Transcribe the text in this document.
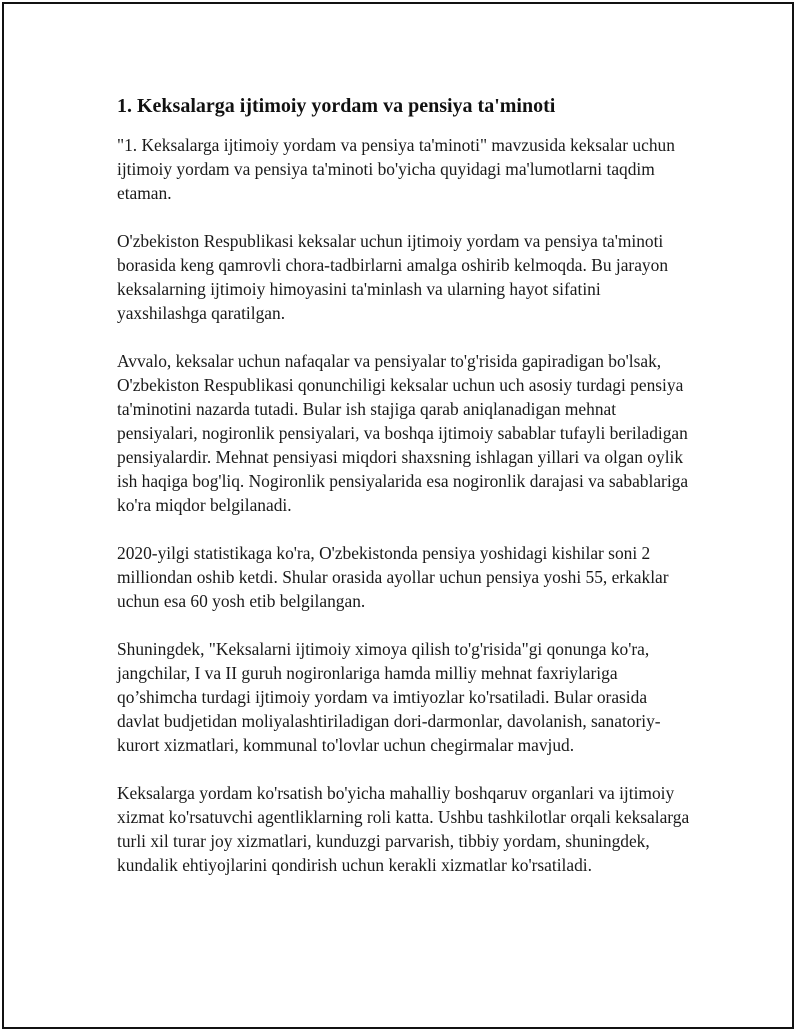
1. Keksalarga ijtimoiy yordam va pensiya ta'minoti

"1. Keksalarga ijtimoiy yordam va pensiya ta'minoti" mavzusida keksalar uchun ijtimoiy yordam va pensiya ta'minoti bo'yicha quyidagi ma'lumotlarni taqdim etaman.

O'zbekiston Respublikasi keksalar uchun ijtimoiy yordam va pensiya ta'minoti borasida keng qamrovli chora-tadbirlarni amalga oshirib kelmoqda. Bu jarayon keksalarning ijtimoiy himoyasini ta'minlash va ularning hayot sifatini yaxshilashga qaratilgan.

Avvalo, keksalar uchun nafaqalar va pensiyalar to'g'risida gapiradigan bo'lsak, O'zbekiston Respublikasi qonunchiligi keksalar uchun uch asosiy turdagi pensiya ta'minotini nazarda tutadi. Bular ish stajiga qarab aniqlanadigan mehnat pensiyalari, nogironlik pensiyalari, va boshqa ijtimoiy sabablar tufayli beriladigan pensiyalardir. Mehnat pensiyasi miqdori shaxsning ishlagan yillari va olgan oylik ish haqiga bog'liq. Nogironlik pensiyalarida esa nogironlik darajasi va sabablariga ko'ra miqdor belgilanadi.

2020-yilgi statistikaga ko'ra, O'zbekistonda pensiya yoshidagi kishilar soni 2 milliondan oshib ketdi. Shular orasida ayollar uchun pensiya yoshi 55, erkaklar uchun esa 60 yosh etib belgilangan.

Shuningdek, "Keksalarni ijtimoiy ximoya qilish to'g'risida"gi qonunga ko'ra, jangchilar, I va II guruh nogironlariga hamda milliy mehnat faxriylariga qo’shimcha turdagi ijtimoiy yordam va imtiyozlar ko'rsatiladi. Bular orasida davlat budjetidan moliyalashtiriladigan dori-darmonlar, davolanish, sanatoriy-kurort xizmatlari, kommunal to'lovlar uchun chegirmalar mavjud.

Keksalarga yordam ko'rsatish bo'yicha mahalliy boshqaruv organlari va ijtimoiy xizmat ko'rsatuvchi agentliklarning roli katta. Ushbu tashkilotlar orqali keksalarga turli xil turar joy xizmatlari, kunduzgi parvarish, tibbiy yordam, shuningdek, kundalik ehtiyojlarini qondirish uchun kerakli xizmatlar ko'rsatiladi.
